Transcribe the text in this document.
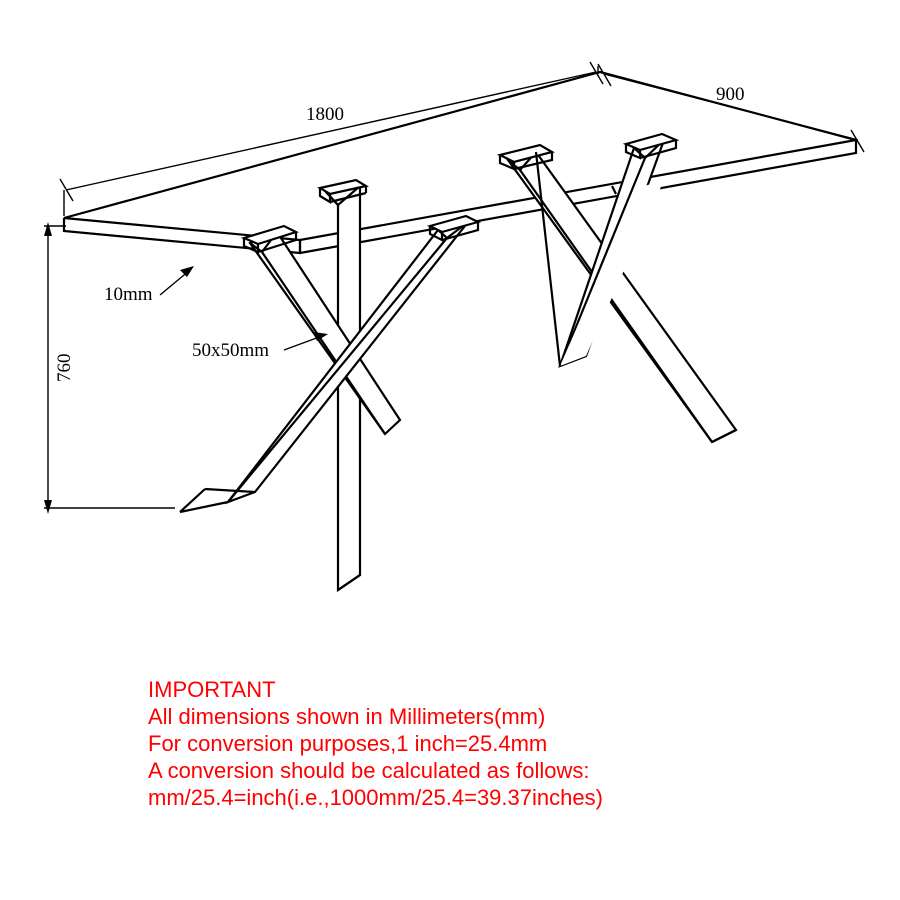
1800
900
760
10mm
50x50mm
IMPORTANT
All dimensions shown in Millimeters(mm)
For conversion purposes,1 inch=25.4mm
A conversion should be calculated as follows:
mm/25.4=inch(i.e.,1000mm/25.4=39.37inches)
